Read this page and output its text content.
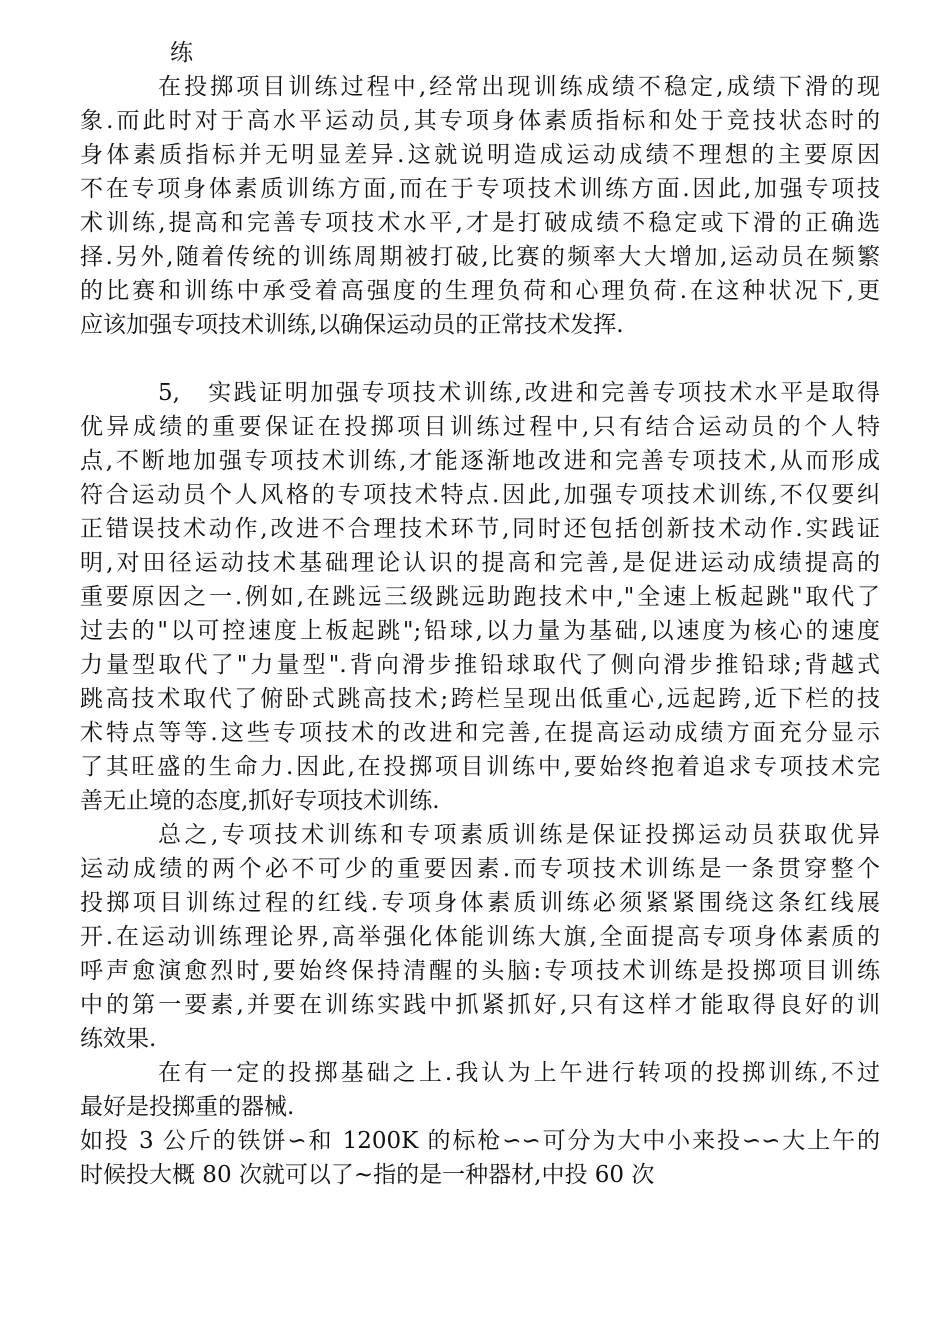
练
在投掷项目训练过程中,经常出现训练成绩不稳定,成绩下滑的现
象.而此时对于高水平运动员,其专项身体素质指标和处于竞技状态时的
身体素质指标并无明显差异.这就说明造成运动成绩不理想的主要原因
不在专项身体素质训练方面,而在于专项技术训练方面.因此,加强专项技
术训练,提高和完善专项技术水平,才是打破成绩不稳定或下滑的正确选
择.另外,随着传统的训练周期被打破,比赛的频率大大增加,运动员在频繁
的比赛和训练中承受着高强度的生理负荷和心理负荷.在这种状况下,更
应该加强专项技术训练,以确保运动员的正常技术发挥.
5,　实践证明加强专项技术训练,改进和完善专项技术水平是取得
优异成绩的重要保证在投掷项目训练过程中,只有结合运动员的个人特
点,不断地加强专项技术训练,才能逐渐地改进和完善专项技术,从而形成
符合运动员个人风格的专项技术特点.因此,加强专项技术训练,不仅要纠
正错误技术动作,改进不合理技术环节,同时还包括创新技术动作.实践证
明,对田径运动技术基础理论认识的提高和完善,是促进运动成绩提高的
重要原因之一.例如,在跳远三级跳远助跑技术中,"全速上板起跳"取代了
过去的"以可控速度上板起跳";铅球,以力量为基础,以速度为核心的速度
力量型取代了"力量型".背向滑步推铅球取代了侧向滑步推铅球;背越式
跳高技术取代了俯卧式跳高技术;跨栏呈现出低重心,远起跨,近下栏的技
术特点等等.这些专项技术的改进和完善,在提高运动成绩方面充分显示
了其旺盛的生命力.因此,在投掷项目训练中,要始终抱着追求专项技术完
善无止境的态度,抓好专项技术训练.
总之,专项技术训练和专项素质训练是保证投掷运动员获取优异
运动成绩的两个必不可少的重要因素.而专项技术训练是一条贯穿整个
投掷项目训练过程的红线.专项身体素质训练必须紧紧围绕这条红线展
开.在运动训练理论界,高举强化体能训练大旗,全面提高专项身体素质的
呼声愈演愈烈时,要始终保持清醒的头脑:专项技术训练是投掷项目训练
中的第一要素,并要在训练实践中抓紧抓好,只有这样才能取得良好的训
练效果.
在有一定的投掷基础之上.我认为上午进行转项的投掷训练,不过
最好是投掷重的器械.
如投 3 公斤的铁饼∽和 1200K 的标枪∽∽可分为大中小来投∽∽大上午的
时候投大概 80 次就可以了~指的是一种器材,中投 60 次
